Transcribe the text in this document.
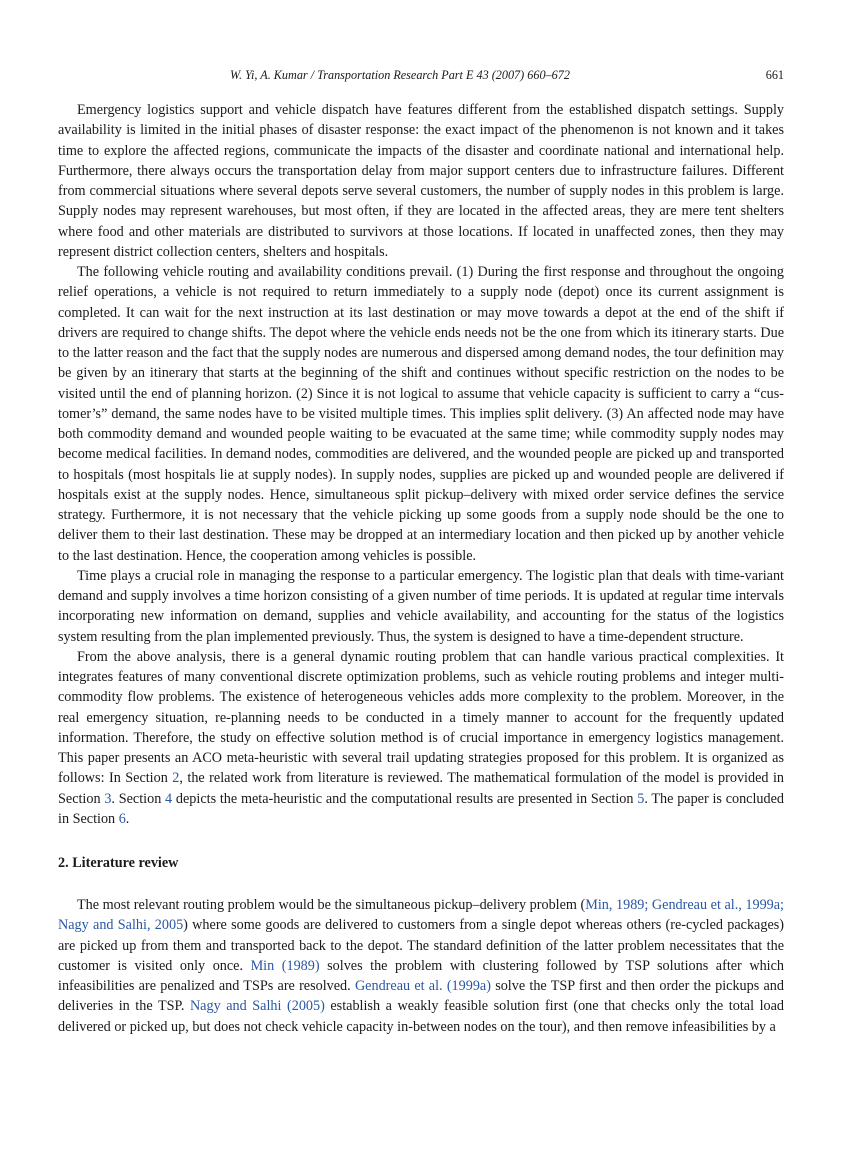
W. Yi, A. Kumar / Transportation Research Part E 43 (2007) 660–672	661

Emergency logistics support and vehicle dispatch have features different from the established dispatch settings. Supply availability is limited in the initial phases of disaster response: the exact impact of the phenomenon is not known and it takes time to explore the affected regions, communicate the impacts of the disaster and coordinate national and international help. Furthermore, there always occurs the transportation delay from major support centers due to infrastructure failures. Different from commercial situations where several depots serve several customers, the number of supply nodes in this problem is large. Supply nodes may represent warehouses, but most often, if they are located in the affected areas, they are mere tent shelters where food and other materials are distributed to survivors at those locations. If located in unaffected zones, then they may represent district collection centers, shelters and hospitals.

The following vehicle routing and availability conditions prevail. (1) During the first response and throughout the ongoing relief operations, a vehicle is not required to return immediately to a supply node (depot) once its current assignment is completed. It can wait for the next instruction at its last destination or may move towards a depot at the end of the shift if drivers are required to change shifts. The depot where the vehicle ends needs not be the one from which its itinerary starts. Due to the latter reason and the fact that the supply nodes are numerous and dispersed among demand nodes, the tour definition may be given by an itinerary that starts at the beginning of the shift and continues without specific restriction on the nodes to be visited until the end of planning horizon. (2) Since it is not logical to assume that vehicle capacity is sufficient to carry a “customer’s” demand, the same nodes have to be visited multiple times. This implies split delivery. (3) An affected node may have both commodity demand and wounded people waiting to be evacuated at the same time; while commodity supply nodes may become medical facilities. In demand nodes, commodities are delivered, and the wounded people are picked up and transported to hospitals (most hospitals lie at supply nodes). In supply nodes, supplies are picked up and wounded people are delivered if hospitals exist at the supply nodes. Hence, simultaneous split pickup–delivery with mixed order service defines the service strategy. Furthermore, it is not necessary that the vehicle picking up some goods from a supply node should be the one to deliver them to their last destination. These may be dropped at an intermediary location and then picked up by another vehicle to the last destination. Hence, the cooperation among vehicles is possible.

Time plays a crucial role in managing the response to a particular emergency. The logistic plan that deals with time-variant demand and supply involves a time horizon consisting of a given number of time periods. It is updated at regular time intervals incorporating new information on demand, supplies and vehicle availability, and accounting for the status of the logistics system resulting from the plan implemented previously. Thus, the system is designed to have a time-dependent structure.

From the above analysis, there is a general dynamic routing problem that can handle various practical complexities. It integrates features of many conventional discrete optimization problems, such as vehicle routing problems and integer multi-commodity flow problems. The existence of heterogeneous vehicles adds more complexity to the problem. Moreover, in the real emergency situation, re-planning needs to be conducted in a timely manner to account for the frequently updated information. Therefore, the study on effective solution method is of crucial importance in emergency logistics management. This paper presents an ACO meta-heuristic with several trail updating strategies proposed for this problem. It is organized as follows: In Section 2, the related work from literature is reviewed. The mathematical formulation of the model is provided in Section 3. Section 4 depicts the meta-heuristic and the computational results are presented in Section 5. The paper is concluded in Section 6.

2. Literature review

The most relevant routing problem would be the simultaneous pickup–delivery problem (Min, 1989; Gendreau et al., 1999a; Nagy and Salhi, 2005) where some goods are delivered to customers from a single depot whereas others (re-cycled packages) are picked up from them and transported back to the depot. The standard definition of the latter problem necessitates that the customer is visited only once. Min (1989) solves the problem with clustering followed by TSP solutions after which infeasibilities are penalized and TSPs are resolved. Gendreau et al. (1999a) solve the TSP first and then order the pickups and deliveries in the TSP. Nagy and Salhi (2005) establish a weakly feasible solution first (one that checks only the total load delivered or picked up, but does not check vehicle capacity in-between nodes on the tour), and then remove infeasibilities by a
